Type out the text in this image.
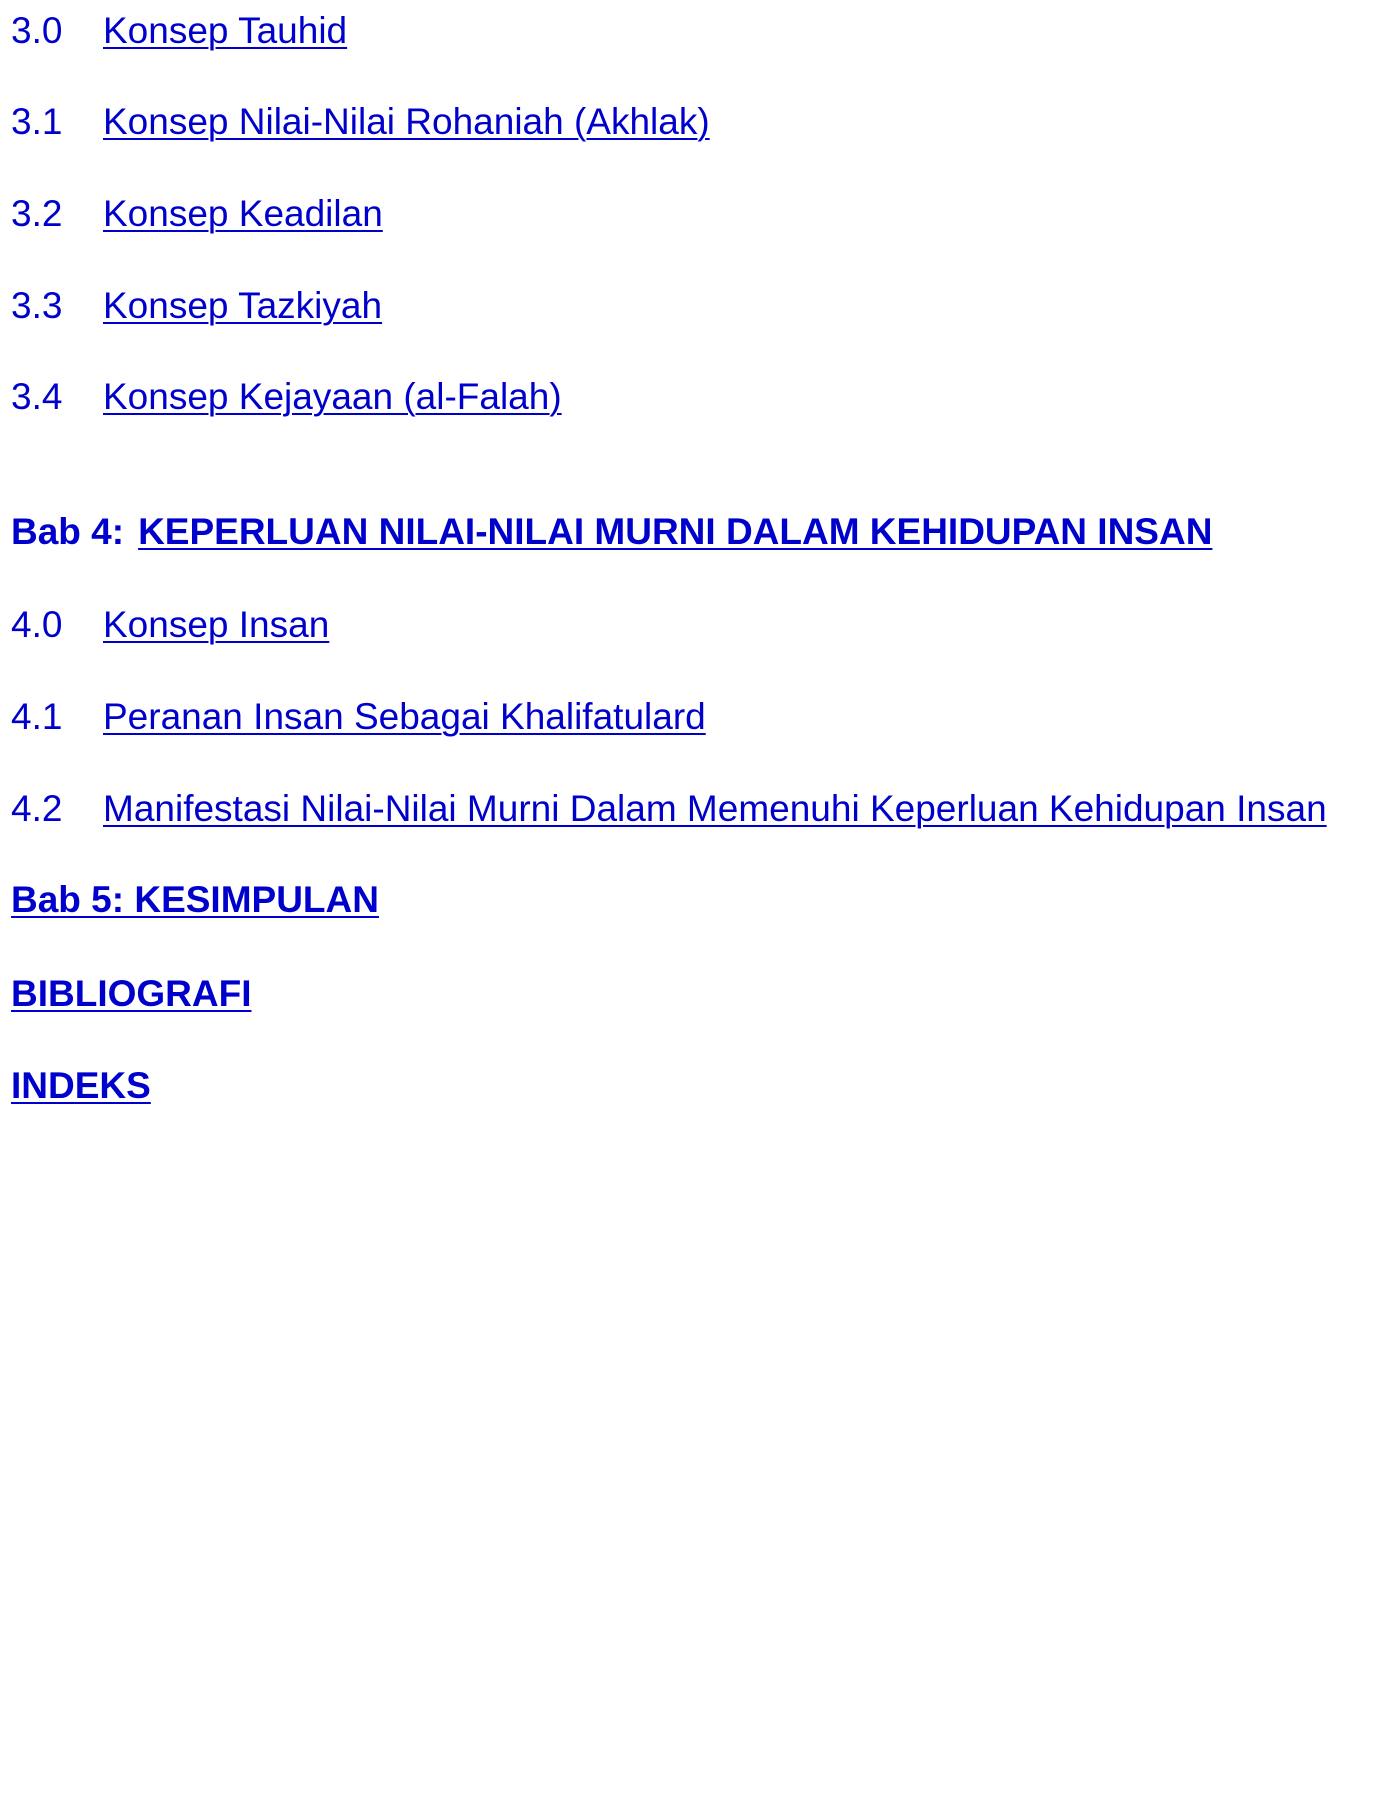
3.0 Konsep Tauhid
3.1 Konsep Nilai-Nilai Rohaniah (Akhlak)
3.2 Konsep Keadilan
3.3 Konsep Tazkiyah
3.4 Konsep Kejayaan (al-Falah)
Bab 4: KEPERLUAN NILAI-NILAI MURNI DALAM KEHIDUPAN INSAN
4.0 Konsep Insan
4.1 Peranan Insan Sebagai Khalifatulard
4.2 Manifestasi Nilai-Nilai Murni Dalam Memenuhi Keperluan Kehidupan Insan
Bab 5: KESIMPULAN
BIBLIOGRAFI
INDEKS
